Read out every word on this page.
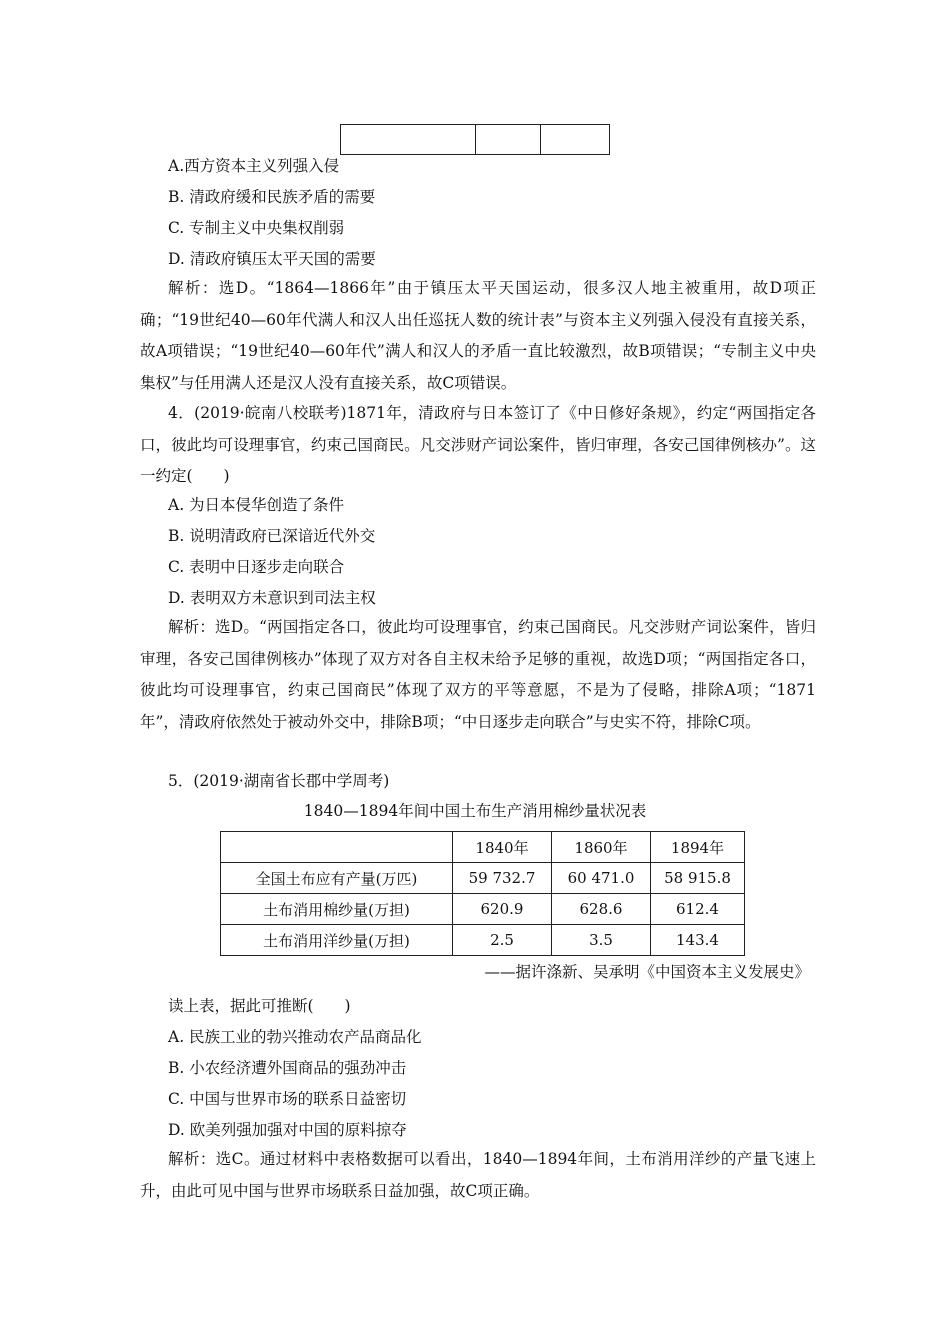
A.西方资本主义列强入侵
B. 清政府缓和民族矛盾的需要
C. 专制主义中央集权削弱
D. 清政府镇压太平天国的需要
解析：选D。“1864—1866年”由于镇压太平天国运动，很多汉人地主被重用，故D项正确；“19世纪40—60年代满人和汉人出任巡抚人数的统计表”与资本主义列强入侵没有直接关系，故A项错误；“19世纪40—60年代”满人和汉人的矛盾一直比较激烈，故B项错误；“专制主义中央集权”与任用满人还是汉人没有直接关系，故C项错误。
4．(2019·皖南八校联考)1871年，清政府与日本签订了《中日修好条规》，约定“两国指定各口，彼此均可设理事官，约束己国商民。凡交涉财产词讼案件，皆归审理，各安己国律例核办”。这一约定(　　)
A. 为日本侵华创造了条件
B. 说明清政府已深谙近代外交
C. 表明中日逐步走向联合
D. 表明双方未意识到司法主权
解析：选D。“两国指定各口，彼此均可设理事官，约束己国商民。凡交涉财产词讼案件，皆归审理，各安己国律例核办”体现了双方对各自主权未给予足够的重视，故选D项；“两国指定各口，彼此均可设理事官，约束己国商民”体现了双方的平等意愿，不是为了侵略，排除A项；“1871年”，清政府依然处于被动外交中，排除B项；“中日逐步走向联合”与史实不符，排除C项。
5．(2019·湖南省长郡中学周考)
1840—1894年间中国土布生产消用棉纱量状况表
	1840年	1860年	1894年
全国土布应有产量(万匹)	59 732.7	60 471.0	58 915.8
土布消用棉纱量(万担)	620.9	628.6	612.4
土布消用洋纱量(万担)	2.5	3.5	143.4
——据许涤新、吴承明《中国资本主义发展史》
读上表，据此可推断(　　)
A. 民族工业的勃兴推动农产品商品化
B. 小农经济遭外国商品的强劲冲击
C. 中国与世界市场的联系日益密切
D. 欧美列强加强对中国的原料掠夺
解析：选C。通过材料中表格数据可以看出，1840—1894年间，土布消用洋纱的产量飞速上升，由此可见中国与世界市场联系日益加强，故C项正确。
